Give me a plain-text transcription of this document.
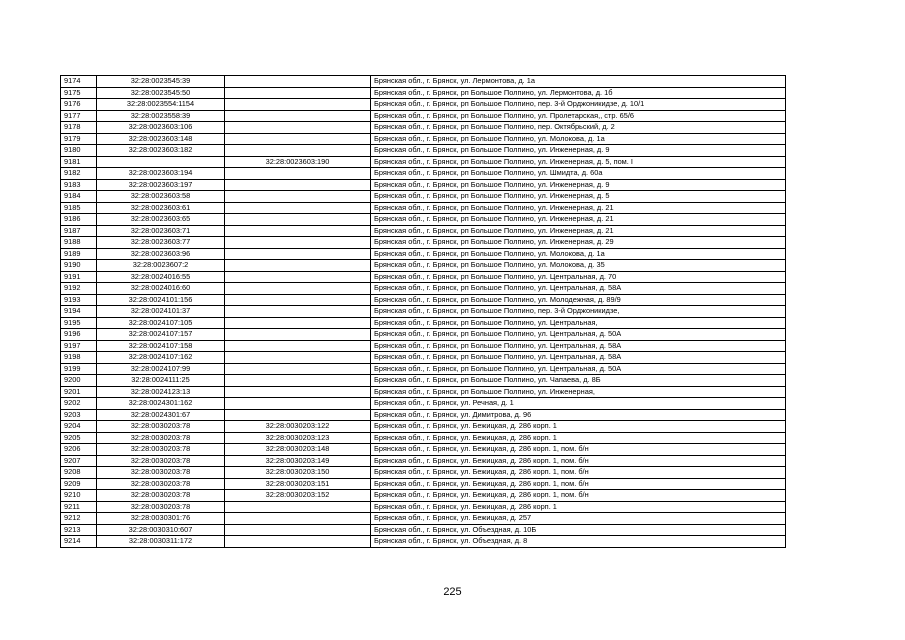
9174	32:28:0023545:39		Брянская обл., г. Брянск, ул. Лермонтова, д. 1а
9175	32:28:0023545:50		Брянская обл., г. Брянск, рп Большое Полпино, ул. Лермонтова, д. 1б
9176	32:28:0023554:1154		Брянская обл., г. Брянск, рп Большое Полпино, пер. 3-й Орджоникидзе, д. 10/1
9177	32:28:0023558:39		Брянская обл., г. Брянск, рп Большое Полпино, ул. Пролетарская,, стр. 65/6
9178	32:28:0023603:106		Брянская обл., г. Брянск, рп Большое Полпино, пер. Октябрьский, д. 2
9179	32:28:0023603:148		Брянская обл., г. Брянск, рп Большое Полпино, ул. Молокова, д. 1а
9180	32:28:0023603:182		Брянская обл., г. Брянск, рп Большое Полпино, ул. Инженерная, д. 9
9181		32:28:0023603:190	Брянская обл., г. Брянск, рп Большое Полпино, ул. Инженерная, д. 5, пом. I
9182	32:28:0023603:194		Брянская обл., г. Брянск, рп Большое Полпино, ул. Шмидта, д. 60а
9183	32:28:0023603:197		Брянская обл., г. Брянск, рп Большое Полпино, ул. Инженерная, д. 9
9184	32:28:0023603:58		Брянская обл., г. Брянск, рп Большое Полпино, ул. Инженерная, д. 5
9185	32:28:0023603:61		Брянская обл., г. Брянск, рп Большое Полпино, ул. Инженерная, д. 21
9186	32:28:0023603:65		Брянская обл., г. Брянск, рп Большое Полпино, ул. Инженерная, д. 21
9187	32:28:0023603:71		Брянская обл., г. Брянск, рп Большое Полпино, ул. Инженерная, д. 21
9188	32:28:0023603:77		Брянская обл., г. Брянск, рп Большое Полпино, ул. Инженерная, д. 29
9189	32:28:0023603:96		Брянская обл., г. Брянск, рп Большое Полпино, ул. Молокова, д. 1а
9190	32:28:0023607:2		Брянская обл., г. Брянск, рп Большое Полпино, ул. Молокова, д. 35
9191	32:28:0024016:55		Брянская обл., г. Брянск, рп Большое Полпино, ул. Центральная, д. 70
9192	32:28:0024016:60		Брянская обл., г. Брянск, рп Большое Полпино, ул. Центральная, д. 58А
9193	32:28:0024101:156		Брянская обл., г. Брянск, рп Большое Полпино, ул. Молодежная, д. 89/9
9194	32:28:0024101:37		Брянская обл., г. Брянск, рп Большое Полпино, пер. 3-й Орджоникидзе,
9195	32:28:0024107:105		Брянская обл., г. Брянск, рп Большое Полпино, ул. Центральная,
9196	32:28:0024107:157		Брянская обл., г. Брянск, рп Большое Полпино, ул. Центральная, д. 50А
9197	32:28:0024107:158		Брянская обл., г. Брянск, рп Большое Полпино, ул. Центральная, д. 58А
9198	32:28:0024107:162		Брянская обл., г. Брянск, рп Большое Полпино, ул. Центральная, д. 58А
9199	32:28:0024107:99		Брянская обл., г. Брянск, рп Большое Полпино, ул. Центральная, д. 50А
9200	32:28:0024111:25		Брянская обл., г. Брянск, рп Большое Полпино, ул. Чапаева, д. 8Б
9201	32:28:0024123:13		Брянская обл., г. Брянск, рп Большое Полпино, ул. Инженерная,
9202	32:28:0024301:162		Брянская обл., г. Брянск, ул. Речная, д. 1
9203	32:28:0024301:67		Брянская обл., г. Брянск, ул. Димитрова, д. 96
9204	32:28:0030203:78	32:28:0030203:122	Брянская обл., г. Брянск, ул. Бежицкая, д. 286 корп. 1
9205	32:28:0030203:78	32:28:0030203:123	Брянская обл., г. Брянск, ул. Бежицкая, д. 286 корп. 1
9206	32:28:0030203:78	32:28:0030203:148	Брянская обл., г. Брянск, ул. Бежицкая, д. 286 корп. 1, пом. б/н
9207	32:28:0030203:78	32:28:0030203:149	Брянская обл., г. Брянск, ул. Бежицкая, д. 286 корп. 1, пом. б/н
9208	32:28:0030203:78	32:28:0030203:150	Брянская обл., г. Брянск, ул. Бежицкая, д. 286 корп. 1, пом. б/н
9209	32:28:0030203:78	32:28:0030203:151	Брянская обл., г. Брянск, ул. Бежицкая, д. 286 корп. 1, пом. б/н
9210	32:28:0030203:78	32:28:0030203:152	Брянская обл., г. Брянск, ул. Бежицкая, д. 286 корп. 1, пом. б/н
9211	32:28:0030203:78		Брянская обл., г. Брянск, ул. Бежицкая, д. 286 корп. 1
9212	32:28:0030301:76		Брянская обл., г. Брянск, ул. Бежицкая, д. 257
9213	32:28:0030310:607		Брянская обл., г. Брянск, ул. Объездная, д. 10Б
9214	32:28:0030311:172		Брянская обл., г. Брянск, ул. Объездная, д. 8
225
